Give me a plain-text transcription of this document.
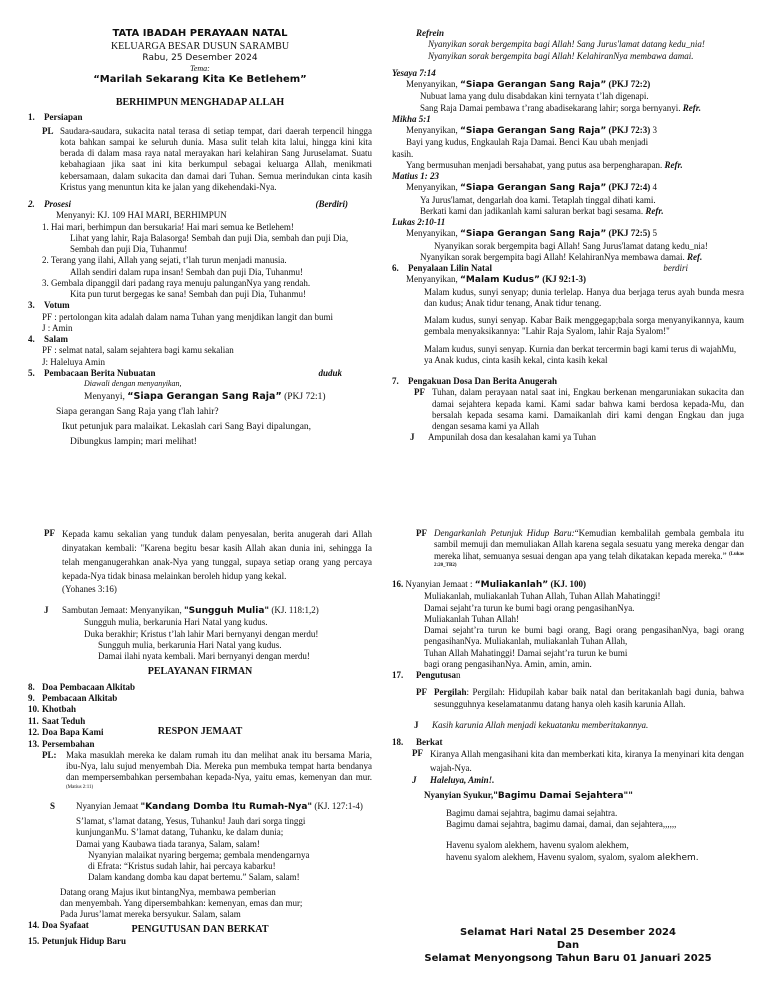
TATA IBADAH PERAYAAN NATAL
KELUARGA BESAR DUSUN SARAMBU
Rabu, 25 Desember 2024
Tema:
“Marilah Sekarang Kita Ke Betlehem”
BERHIMPUN MENGHADAP ALLAH
1. Persiapan
PL Saudara-saudara, sukacita natal terasa di setiap tempat, dari daerah terpencil hingga kota bahkan sampai ke seluruh dunia. Masa sulit telah kita lalui, hingga kini kita berada di dalam masa raya natal merayakan hari kelahiran Sang Juruselamat. Suatu kebahagiaan jika saat ini kita berkumpul sebagai keluarga Allah, menikmati kebersamaan, dalam sukacita dan damai dari Tuhan. Semua merindukan cinta kasih Kristus yang menuntun kita ke jalan yang dikehendaki-Nya.
2. Prosesi	(Berdiri)
Menyanyi: KJ. 109 HAI MARI, BERHIMPUN
1. Hai mari, berhimpun dan bersukaria! Hai mari semua ke Betlehem!
Lihat yang lahir, Raja Balasorga! Sembah dan puji Dia, sembah dan puji Dia,
Sembah dan puji Dia, Tuhanmu!
2. Terang yang ilahi, Allah yang sejati, t’lah turun menjadi manusia.
Allah sendiri dalam rupa insan! Sembah dan puji Dia, Tuhanmu!
3. Gembala dipanggil dari padang raya menuju palunganNya yang rendah.
Kita pun turut bergegas ke sana! Sembah dan puji Dia, Tuhanmu!
3. Votum
PF : pertolongan kita adalah dalam nama Tuhan yang menjdikan langit dan bumi
J : Amin
4. Salam
PF : selmat natal, salam sejahtera bagi kamu sekalian
J: Haleluya Amin
5. Pembacaan Berita Nubuatan	duduk
Diawali dengan menyanyikan,
Menyanyi, “Siapa Gerangan Sang Raja” (PKJ 72:1)
Siapa gerangan Sang Raja yang t'lah lahir?
Ikut petunjuk para malaikat. Lekaslah cari Sang Bayi dipalungan,
Dibungkus lampin; mari melihat!
Refrein
Nyanyikan sorak bergempita bagi Allah! Sang Jurus'lamat datang kedu_nia!
Nyanyikan sorak bergempita bagi Allah! KelahiranNya membawa damai.
Yesaya 7:14
Menyanyikan, “Siapa Gerangan Sang Raja” (PKJ 72:2)
Nubuat lama yang dulu disabdakan kini ternyata t’lah digenapi.
Sang Raja Damai pembawa t’rang abadisekarang lahir; sorga bernyanyi. Refr.
Mikha 5:1
Menyanyikan, “Siapa Gerangan Sang Raja” (PKJ 72:3) 3
Bayi yang kudus, Engkaulah Raja Damai. Benci Kau ubah menjadi
kasih.
Yang bermusuhan menjadi bersahabat, yang putus asa berpengharapan. Refr.
Matius 1: 23
Menyanyikan, “Siapa Gerangan Sang Raja” (PKJ 72:4) 4
Ya Jurus'lamat, dengarlah doa kami. Tetaplah tinggal dihati kami.
Berkati kami dan jadikanlah kami saluran berkat bagi sesama. Refr.
Lukas 2:10-11
Menyanyikan, “Siapa Gerangan Sang Raja” (PKJ 72:5) 5
Nyanyikan sorak bergempita bagi Allah! Sang Jurus'lamat datang kedu_nia!
Nyanyikan sorak bergempita bagi Allah! KelahiranNya membawa damai. Ref.
6. Penyalaan Lilin Natal	berdiri
Menyanyikan, “Malam Kudus” (KJ 92:1-3)
Malam kudus, sunyi senyap; dunia terlelap. Hanya dua berjaga terus ayah bunda mesra dan kudus; Anak tidur tenang, Anak tidur tenang.
Malam kudus, sunyi senyap. Kabar Baik menggegap;bala sorga menyanyikannya, kaum gembala menyaksikannya: "Lahir Raja Syalom, lahir Raja Syalom!"
Malam kudus, sunyi senyap. Kurnia dan berkat tercermin bagi kami terus di wajahMu, ya Anak kudus, cinta kasih kekal, cinta kasih kekal
7. Pengakuan Dosa Dan Berita Anugerah
PF Tuhan, dalam perayaan natal saat ini, Engkau berkenan mengaruniakan sukacita dan damai sejahtera kepada kami. Kami sadar bahwa kami berdosa kepada-Mu, dan bersalah kepada sesama kami. Damaikanlah diri kami dengan Engkau dan juga dengan sesama kami ya Allah
J	Ampunilah dosa dan kesalahan kami ya Tuhan
PF Kepada kamu sekalian yang tunduk dalam penyesalan, berita anugerah dari Allah dinyatakan kembali: "Karena begitu besar kasih Allah akan dunia ini, sehingga Ia telah menganugerahkan anak-Nya yang tunggal, supaya setiap orang yang percaya kepada-Nya tidak binasa melainkan beroleh hidup yang kekal.
(Yohanes 3:16)
J	Sambutan Jemaat: Menyanyikan, "Sungguh Mulia" (KJ. 118:1,2)
Sungguh mulia, berkarunia Hari Natal yang kudus.
Duka berakhir; Kristus t’lah lahir Mari bernyanyi dengan merdu!
Sungguh mulia, berkarunia Hari Natal yang kudus.
Damai ilahi nyata kembali. Mari bernyanyi dengan merdu!
PELAYANAN FIRMAN
8. Doa Pembacaan Alkitab
9. Pembacaan Alkitab
10. Khotbah
11. Saat Teduh
12. Doa Bapa Kami	RESPON JEMAAT
13. Persembahan
PL:	Maka masuklah mereka ke dalam rumah itu dan melihat anak itu bersama Maria, ibu-Nya, lalu sujud menyembah Dia. Mereka pun membuka tempat harta bendanya dan mempersembahkan persembahan kepada-Nya, yaitu emas, kemenyan dan mur. $^{(Matius 2:11)}$
S	Nyanyian Jemaat "Kandang Domba Itu Rumah-Nya" (KJ. 127:1-4)
S’lamat, s’lamat datang, Yesus, Tuhanku! Jauh dari sorga tinggi
kunjunganMu. S’lamat datang, Tuhanku, ke dalam dunia;
Damai yang Kaubawa tiada taranya, Salam, salam!
Nyanyian malaikat nyaring bergema; gembala mendengarnya
di Efrata: “Kristus sudah lahir, hai percaya kabarku!
Dalam kandang domba kau dapat bertemu.” Salam, salam!
Datang orang Majus ikut bintangNya, membawa pemberian
dan menyembah. Yang dipersembahkan: kemenyan, emas dan mur;
Pada Jurus’lamat mereka bersyukur. Salam, salam
14. Doa Syafaat	PENGUTUSAN DAN BERKAT
15. Petunjuk Hidup Baru
PF Dengarkanlah Petunjuk Hidup Baru:“Kemudian kembalilah gembala gembala itu sambil memuji dan memuliakan Allah karena segala sesuatu yang mereka dengar dan mereka lihat, semuanya sesuai dengan apa yang telah dikatakan kepada mereka.” $^{(Lukas 2:20\_TB2)}$
16. Nyanyian Jemaat : “Muliakanlah” (KJ. 100)
Muliakanlah, muliakanlah Tuhan Allah, Tuhan Allah Mahatinggi!
Damai sejaht’ra turun ke bumi bagi orang pengasihanNya.
Muliakanlah Tuhan Allah!
Damai sejaht’ra turun ke bumi bagi orang, Bagi orang pengasihanNya, bagi orang pengasihanNya. Muliakanlah, muliakanlah Tuhan Allah,
Tuhan Allah Mahatinggi! Damai sejaht’ra turun ke bumi
bagi orang pengasihanNya. Amin, amin, amin.
17. Pengutusan
PF Pergilah: Pergilah: Hidupilah kabar baik natal dan beritakanlah bagi dunia, bahwa sesungguhnya keselamatanmu datang hanya oleh kasih karunia Allah.
J	Kasih karunia Allah menjadi kekuatanku memberitakannya.
18. Berkat
PF Kiranya Allah mengasihani kita dan memberkati kita, kiranya Ia menyinari kita dengan wajah-Nya.
J	Haleluya, Amin!.
Nyanyian Syukur,"Bagimu Damai Sejahtera""
Bagimu damai sejahtra, bagimu damai sejahtra.
Bagimu damai sejahtra, bagimu damai, damai, dan sejahtera,,,,,,
Havenu syalom alekhem, havenu syalom alekhem,
havenu syalom alekhem, Havenu syalom, syalom, syalom alekhem.
Selamat Hari Natal 25 Desember 2024
Dan
Selamat Menyongsong Tahun Baru 01 Januari 2025
